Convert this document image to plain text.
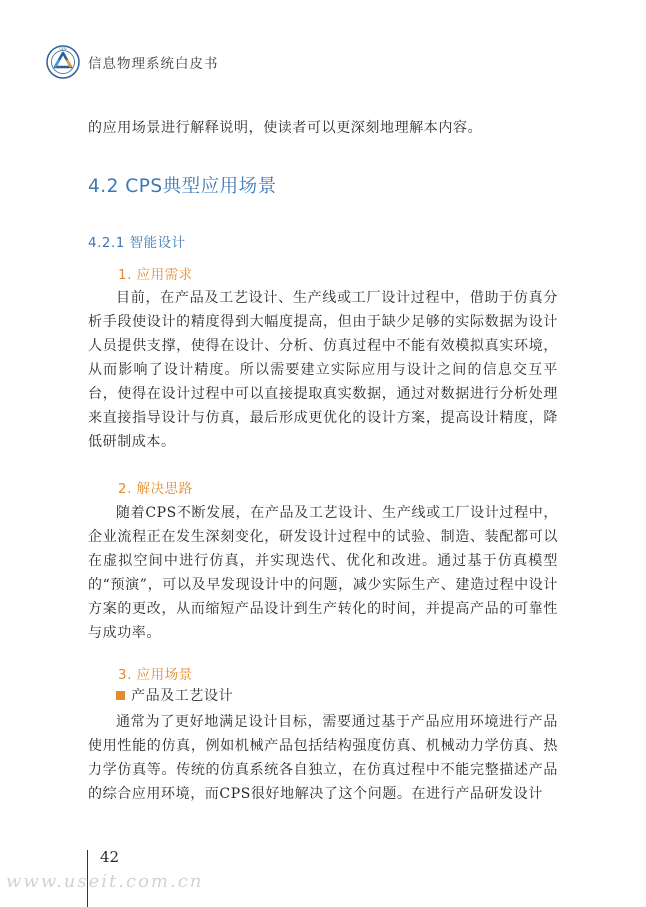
CESI
信息物理系统白皮书
的应用场景进行解释说明，使读者可以更深刻地理解本内容。
4.2 CPS典型应用场景
4.2.1 智能设计
1. 应用需求
目前，在产品及工艺设计、生产线或工厂设计过程中，借助于仿真分析手段使设计的精度得到大幅度提高，但由于缺少足够的实际数据为设计人员提供支撑，使得在设计、分析、仿真过程中不能有效模拟真实环境，从而影响了设计精度。所以需要建立实际应用与设计之间的信息交互平台，使得在设计过程中可以直接提取真实数据，通过对数据进行分析处理来直接指导设计与仿真，最后形成更优化的设计方案，提高设计精度，降低研制成本。
2. 解决思路
随着CPS不断发展，在产品及工艺设计、生产线或工厂设计过程中，企业流程正在发生深刻变化，研发设计过程中的试验、制造、装配都可以在虚拟空间中进行仿真，并实现迭代、优化和改进。通过基于仿真模型的“预演”，可以及早发现设计中的问题，减少实际生产、建造过程中设计方案的更改，从而缩短产品设计到生产转化的时间，并提高产品的可靠性与成功率。
3. 应用场景
产品及工艺设计
通常为了更好地满足设计目标，需要通过基于产品应用环境进行产品使用性能的仿真，例如机械产品包括结构强度仿真、机械动力学仿真、热力学仿真等。传统的仿真系统各自独立，在仿真过程中不能完整描述产品的综合应用环境，而CPS很好地解决了这个问题。在进行产品研发设计
42
www.useit.com.cn
